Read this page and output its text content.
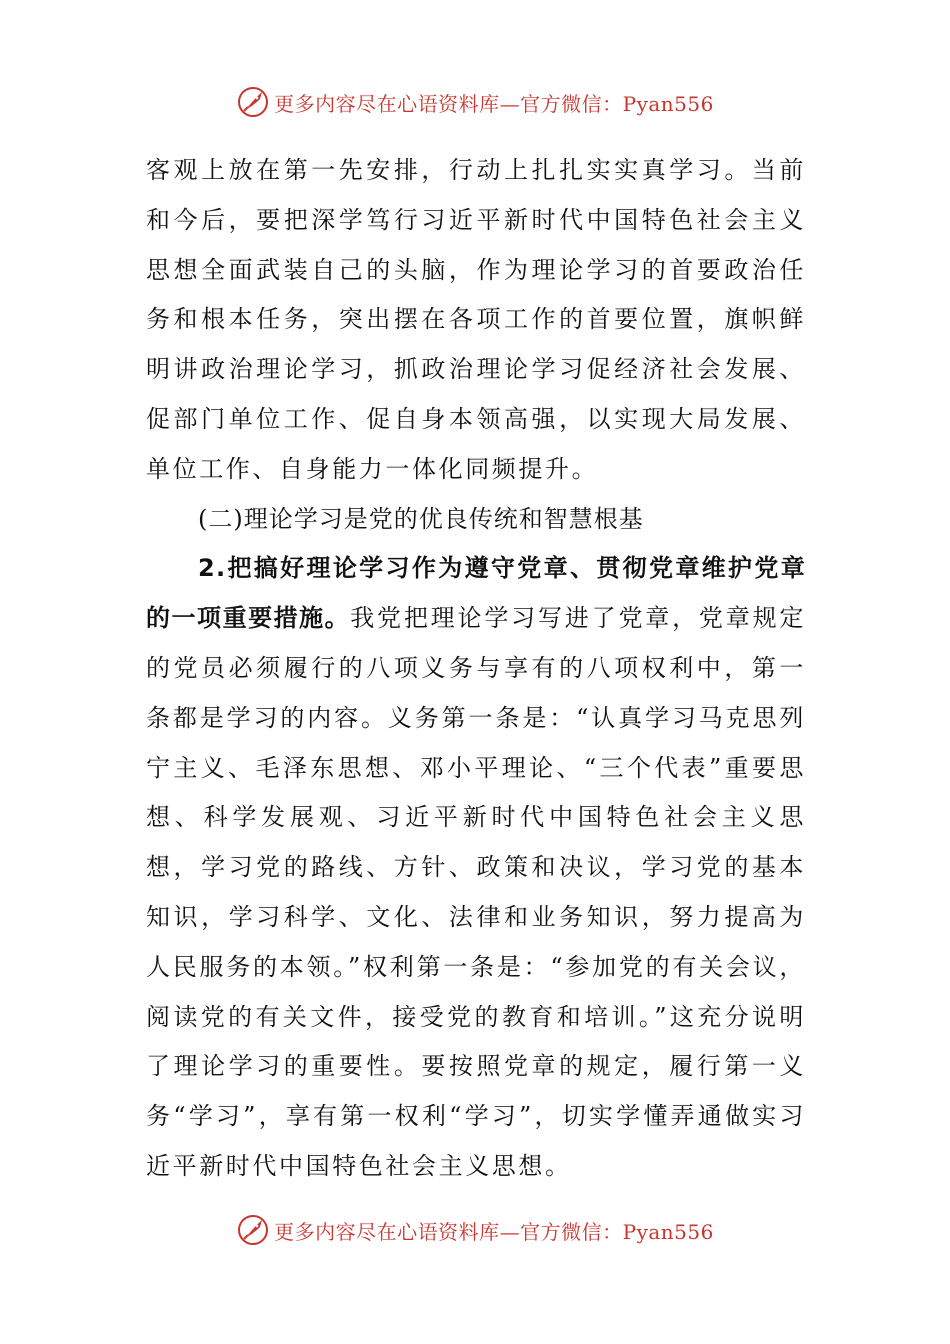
更多内容尽在心语资料库—官方微信：Pyan556

客观上放在第一先安排，行动上扎扎实实真学习。当前和今后，要把深学笃行习近平新时代中国特色社会主义思想全面武装自己的头脑，作为理论学习的首要政治任务和根本任务，突出摆在各项工作的首要位置，旗帜鲜明讲政治理论学习，抓政治理论学习促经济社会发展、促部门单位工作、促自身本领高强，以实现大局发展、单位工作、自身能力一体化同频提升。

(二)理论学习是党的优良传统和智慧根基

2.把搞好理论学习作为遵守党章、贯彻党章维护党章的一项重要措施。我党把理论学习写进了党章，党章规定的党员必须履行的八项义务与享有的八项权利中，第一条都是学习的内容。义务第一条是：“认真学习马克思列宁主义、毛泽东思想、邓小平理论、“三个代表”重要思想、科学发展观、习近平新时代中国特色社会主义思想，学习党的路线、方针、政策和决议，学习党的基本知识，学习科学、文化、法律和业务知识，努力提高为人民服务的本领。”权利第一条是：“参加党的有关会议，阅读党的有关文件，接受党的教育和培训。”这充分说明了理论学习的重要性。要按照党章的规定，履行第一义务“学习”，享有第一权利“学习”，切实学懂弄通做实习近平新时代中国特色社会主义思想。

更多内容尽在心语资料库—官方微信：Pyan556
